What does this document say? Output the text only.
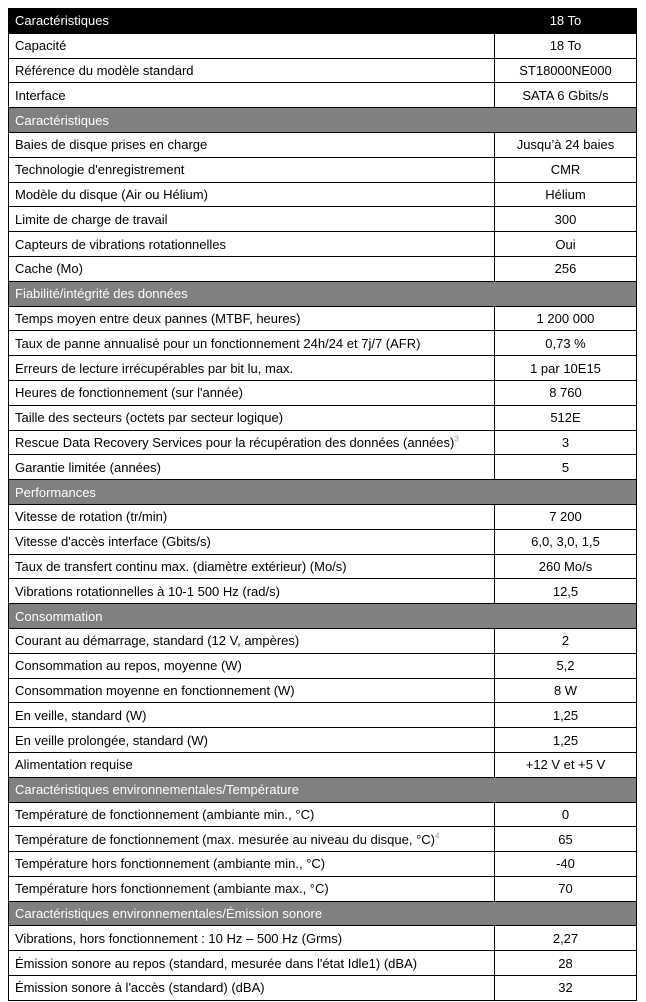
Caractéristiques	18 To
Capacité	18 To
Référence du modèle standard	ST18000NE000
Interface	SATA 6 Gbits/s
Caractéristiques	
Baies de disque prises en charge	Jusqu’à 24 baies
Technologie d'enregistrement	CMR
Modèle du disque (Air ou Hélium)	Hélium
Limite de charge de travail	300
Capteurs de vibrations rotationnelles	Oui
Cache (Mo)	256
Fiabilité/intégrité des données	
Temps moyen entre deux pannes (MTBF, heures)	1 200 000
Taux de panne annualisé pour un fonctionnement 24h/24 et 7j/7 (AFR)	0,73 %
Erreurs de lecture irrécupérables par bit lu, max.	1 par 10E15
Heures de fonctionnement (sur l'année)	8 760
Taille des secteurs (octets par secteur logique)	512E
Rescue Data Recovery Services pour la récupération des données (années)$^3$	3
Garantie limitée (années)	5
Performances	
Vitesse de rotation (tr/min)	7 200
Vitesse d'accès interface (Gbits/s)	6,0, 3,0, 1,5
Taux de transfert continu max. (diamètre extérieur) (Mo/s)	260 Mo/s
Vibrations rotationnelles à 10-1 500 Hz (rad/s)	12,5
Consommation	
Courant au démarrage, standard (12 V, ampères)	2
Consommation au repos, moyenne (W)	5,2
Consommation moyenne en fonctionnement (W)	8 W
En veille, standard (W)	1,25
En veille prolongée, standard (W)	1,25
Alimentation requise	+12 V et +5 V
Caractéristiques environnementales/Température	
Température de fonctionnement (ambiante min., °C)	0
Température de fonctionnement (max. mesurée au niveau du disque, °C)$^4$	65
Température hors fonctionnement (ambiante min., °C)	-40
Température hors fonctionnement (ambiante max., °C)	70
Caractéristiques environnementales/Émission sonore	
Vibrations, hors fonctionnement : 10 Hz – 500 Hz (Grms)	2,27
Émission sonore au repos (standard, mesurée dans l'état Idle1) (dBA)	28
Émission sonore à l'accès (standard) (dBA)	32
